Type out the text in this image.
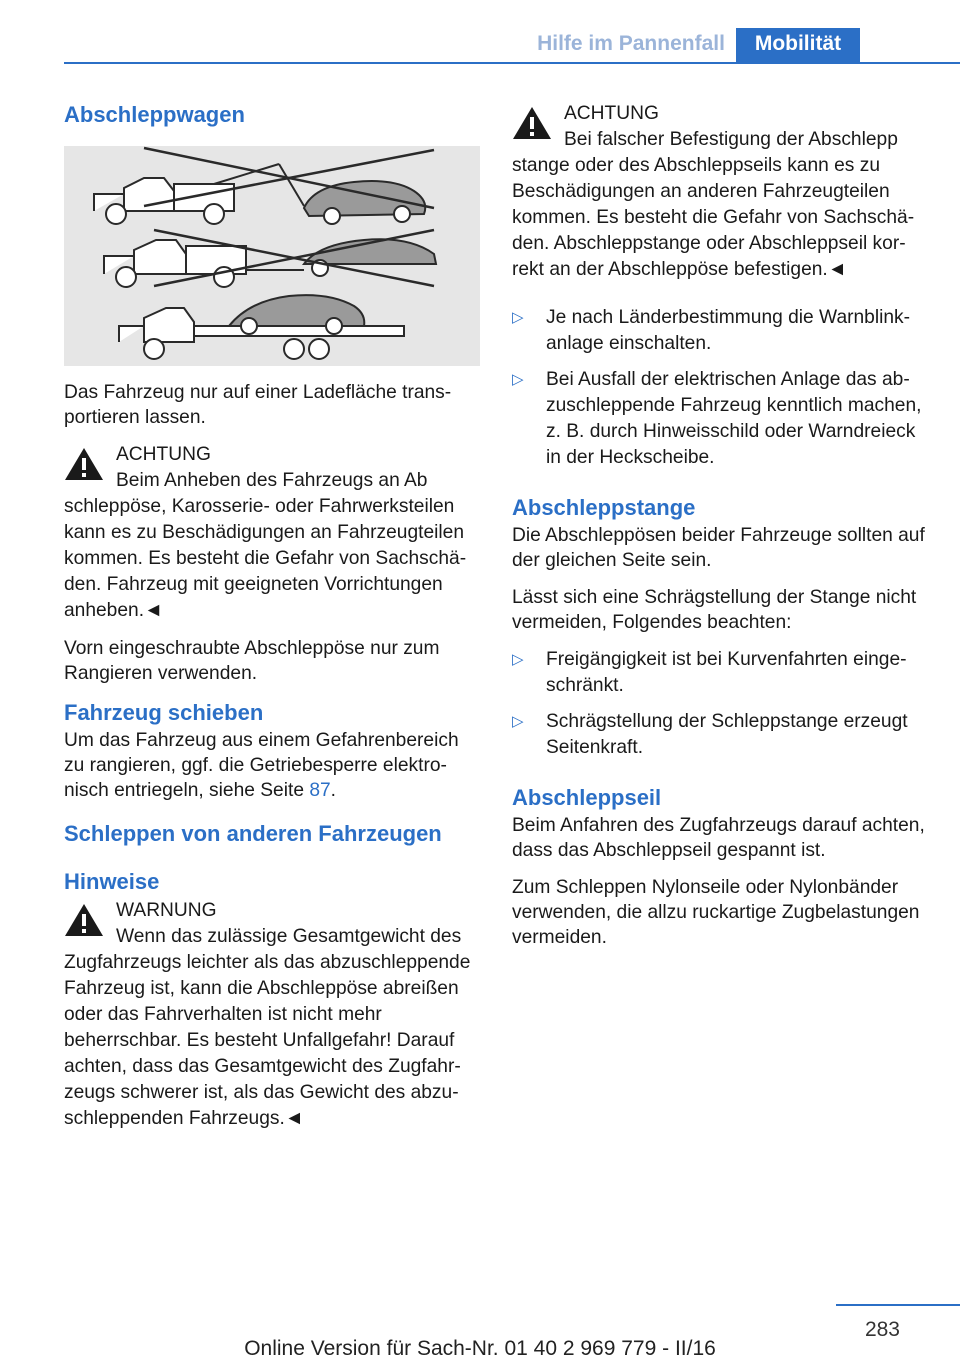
Hilfe im Pannenfall	Mobilität
Abschleppwagen

Das Fahrzeug nur auf einer Ladefläche transportieren lassen.

ACHTUNG
Beim Anheben des Fahrzeugs an Ab
schleppöse, Karosserie- oder Fahrwerksteilen kann es zu Beschädigungen an Fahrzeugteilen kommen. Es besteht die Gefahr von Sachschäden. Fahrzeug mit geeigneten Vorrichtungen anheben.◄

Vorn eingeschraubte Abschleppöse nur zum Rangieren verwenden.

Fahrzeug schieben

Um das Fahrzeug aus einem Gefahrenbereich zu rangieren, ggf. die Getriebesperre elektronisch entriegeln, siehe Seite 87.

Schleppen von anderen Fahrzeugen
Hinweise
WARNUNG
Wenn das zulässige Gesamtgewicht des
Zugfahrzeugs leichter als das abzuschleppende Fahrzeug ist, kann die Abschleppöse abreißen oder das Fahrverhalten ist nicht mehr beherrschbar. Es besteht Unfallgefahr! Darauf achten, dass das Gesamtgewicht des Zugfahrzeugs schwerer ist, als das Gewicht des abzuschleppenden Fahrzeugs.◄
ACHTUNG
Bei falscher Befestigung der Abschlepp
stange oder des Abschleppseils kann es zu Beschädigungen an anderen Fahrzeugteilen kommen. Es besteht die Gefahr von Sachschäden. Abschleppstange oder Abschleppseil korrekt an der Abschleppöse befestigen.◄
▷ Je nach Länderbestimmung die Warnblinkanlage einschalten.
▷ Bei Ausfall der elektrischen Anlage das abzuschleppende Fahrzeug kenntlich machen, z. B. durch Hinweisschild oder Warndreieck in der Heckscheibe.
Abschleppstange

Die Abschleppösen beider Fahrzeuge sollten auf der gleichen Seite sein.

Lässt sich eine Schrägstellung der Stange nicht vermeiden, Folgendes beachten:

▷ Freigängigkeit ist bei Kurvenfahrten eingeschränkt.
▷ Schrägstellung der Schleppstange erzeugt Seitenkraft.
Abschleppseil

Beim Anfahren des Zugfahrzeugs darauf achten, dass das Abschleppseil gespannt ist.

Zum Schleppen Nylonseile oder Nylonbänder verwenden, die allzu ruckartige Zugbelastungen vermeiden.

283
Online Version für Sach-Nr. 01 40 2 969 779 - II/16
